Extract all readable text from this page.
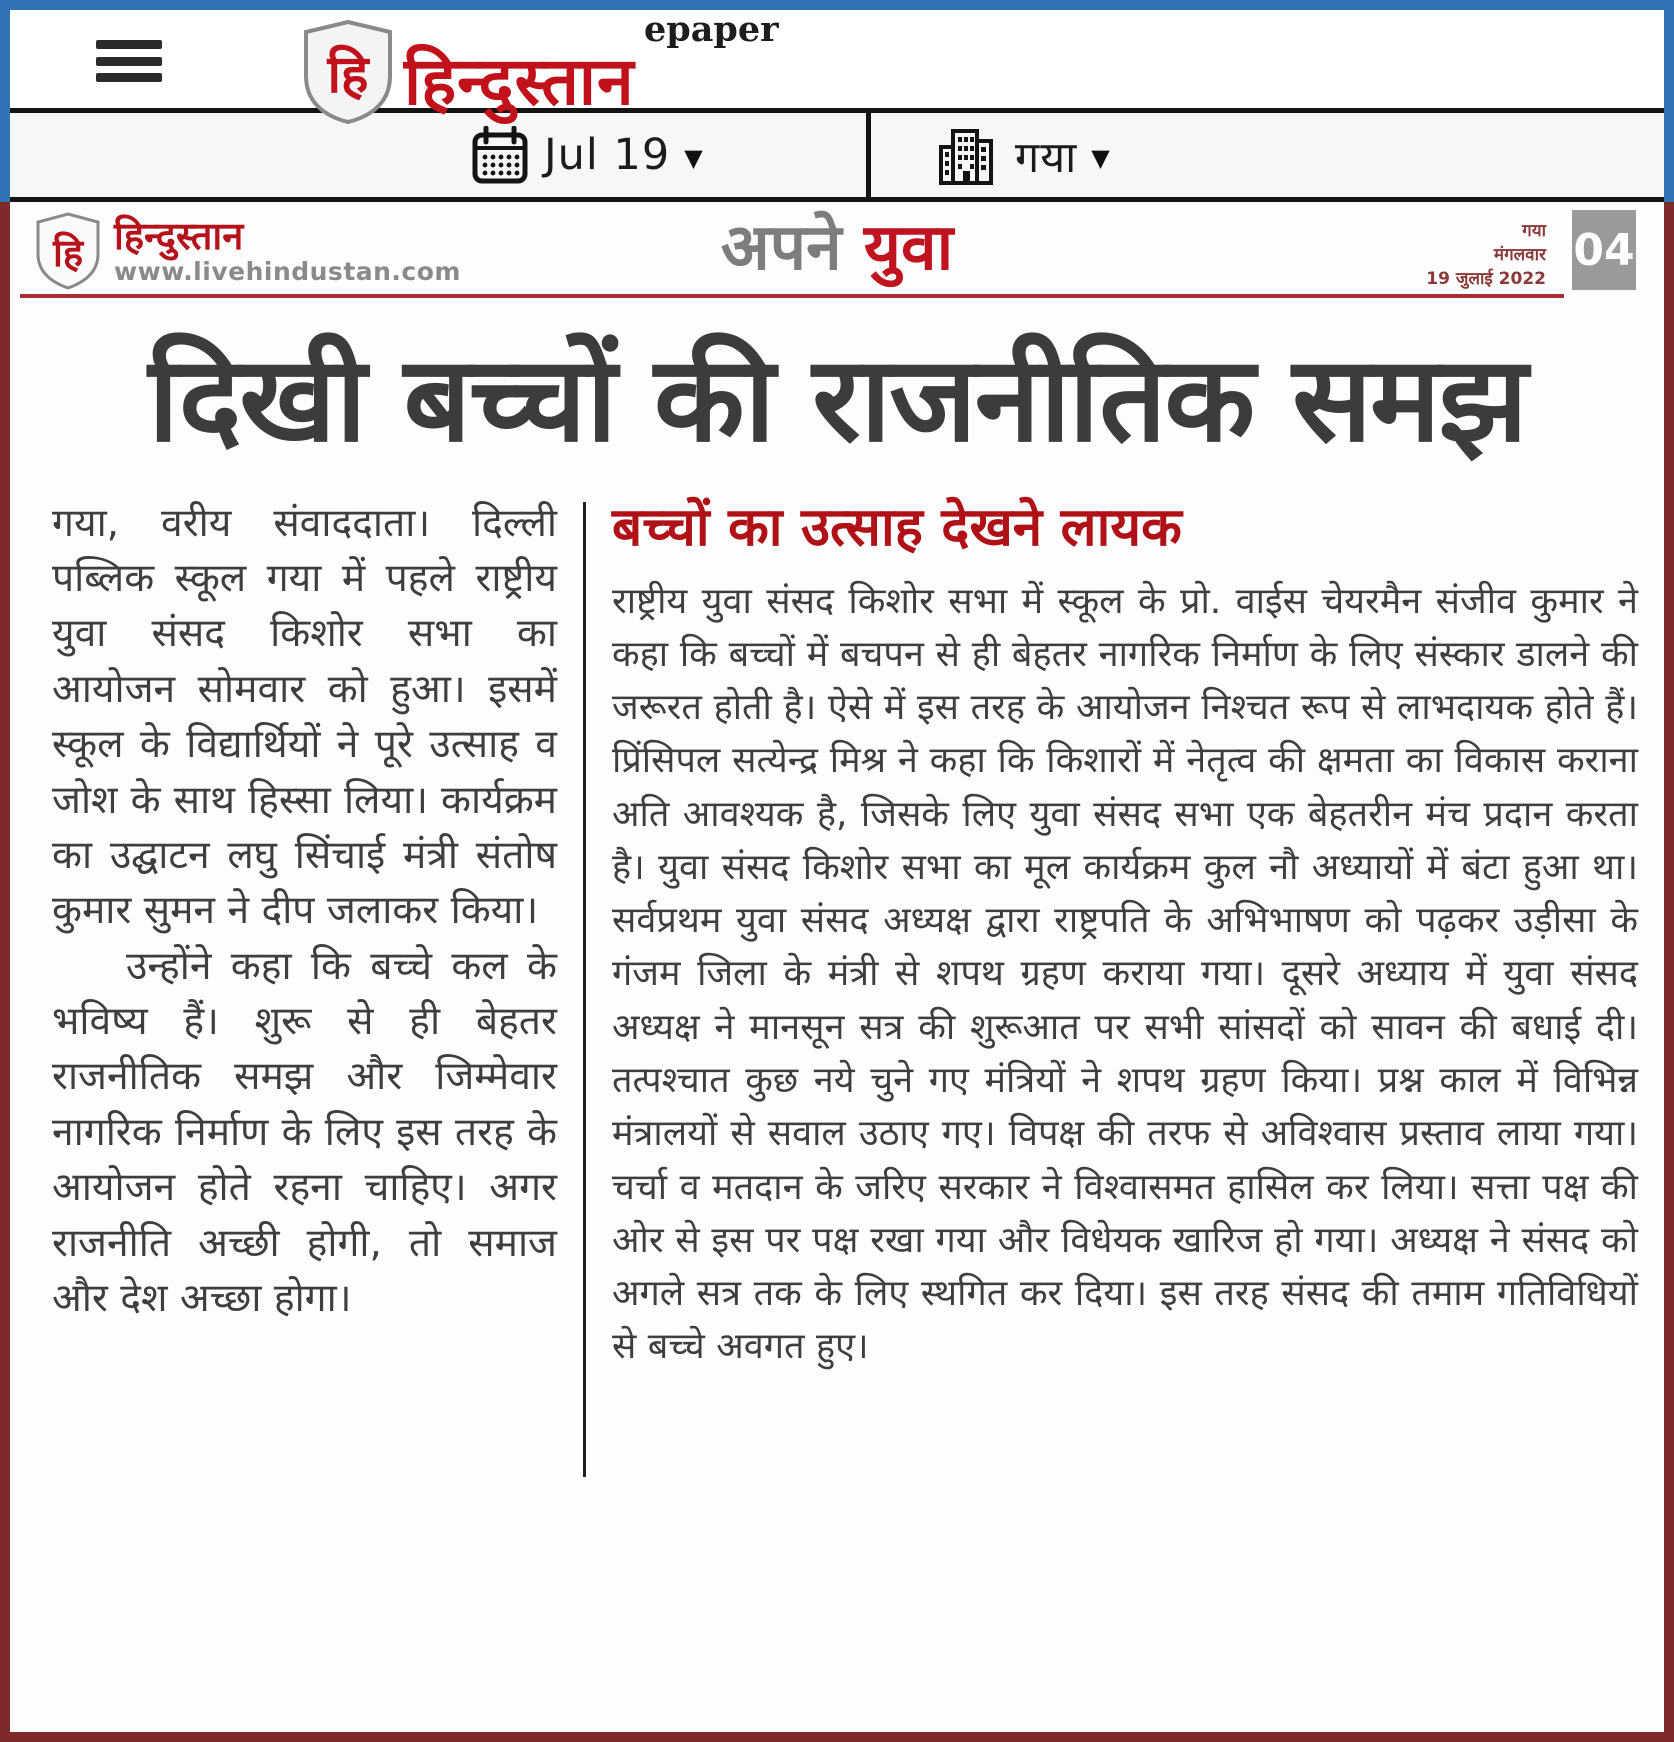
हि
epaper
हिन्दुस्तान
Jul 19 ▼	गया ▼
हि हिन्दुस्तान
www.livehindustan.com	अपने युवा	गया
मंगलवार
19 जुलाई 2022
04
दिखी बच्चों की राजनीतिक समझ

गया, वरीय संवाददाता। दिल्ली पब्लिक स्कूल गया में पहले राष्ट्रीय युवा संसद किशोर सभा का आयोजन सोमवार को हुआ। इसमें स्कूल के विद्यार्थियों ने पूरे उत्साह व जोश के साथ हिस्सा लिया। कार्यक्रम का उद्घाटन लघु सिंचाई मंत्री संतोष कुमार सुमन ने दीप जलाकर किया।

उन्होंने कहा कि बच्चे कल के भविष्य हैं। शुरू से ही बेहतर राजनीतिक समझ और जिम्मेवार नागरिक निर्माण के लिए इस तरह के आयोजन होते रहना चाहिए। अगर राजनीति अच्छी होगी, तो समाज और देश अच्छा होगा।

बच्चों का उत्साह देखने लायक

राष्ट्रीय युवा संसद किशोर सभा में स्कूल के प्रो. वाईस चेयरमैन संजीव कुमार ने कहा कि बच्चों में बचपन से ही बेहतर नागरिक निर्माण के लिए संस्कार डालने की जरूरत होती है। ऐसे में इस तरह के आयोजन निश्चत रूप से लाभदायक होते हैं। प्रिंसिपल सत्येन्द्र मिश्र ने कहा कि किशारों में नेतृत्व की क्षमता का विकास कराना अति आवश्यक है, जिसके लिए युवा संसद सभा एक बेहतरीन मंच प्रदान करता है। युवा संसद किशोर सभा का मूल कार्यक्रम कुल नौ अध्यायों में बंटा हुआ था। सर्वप्रथम युवा संसद अध्यक्ष द्वारा राष्ट्रपति के अभिभाषण को पढ़कर उड़ीसा के गंजम जिला के मंत्री से शपथ ग्रहण कराया गया। दूसरे अध्याय में युवा संसद अध्यक्ष ने मानसून सत्र की शुरूआत पर सभी सांसदों को सावन की बधाई दी। तत्पश्चात कुछ नये चुने गए मंत्रियों ने शपथ ग्रहण किया। प्रश्न काल में विभिन्न मंत्रालयों से सवाल उठाए गए। विपक्ष की तरफ से अविश्वास प्रस्ताव लाया गया। चर्चा व मतदान के जरिए सरकार ने विश्वासमत हासिल कर लिया। सत्ता पक्ष की ओर से इस पर पक्ष रखा गया और विधेयक खारिज हो गया। अध्यक्ष ने संसद को अगले सत्र तक के लिए स्थगित कर दिया। इस तरह संसद की तमाम गतिविधियों से बच्चे अवगत हुए।
